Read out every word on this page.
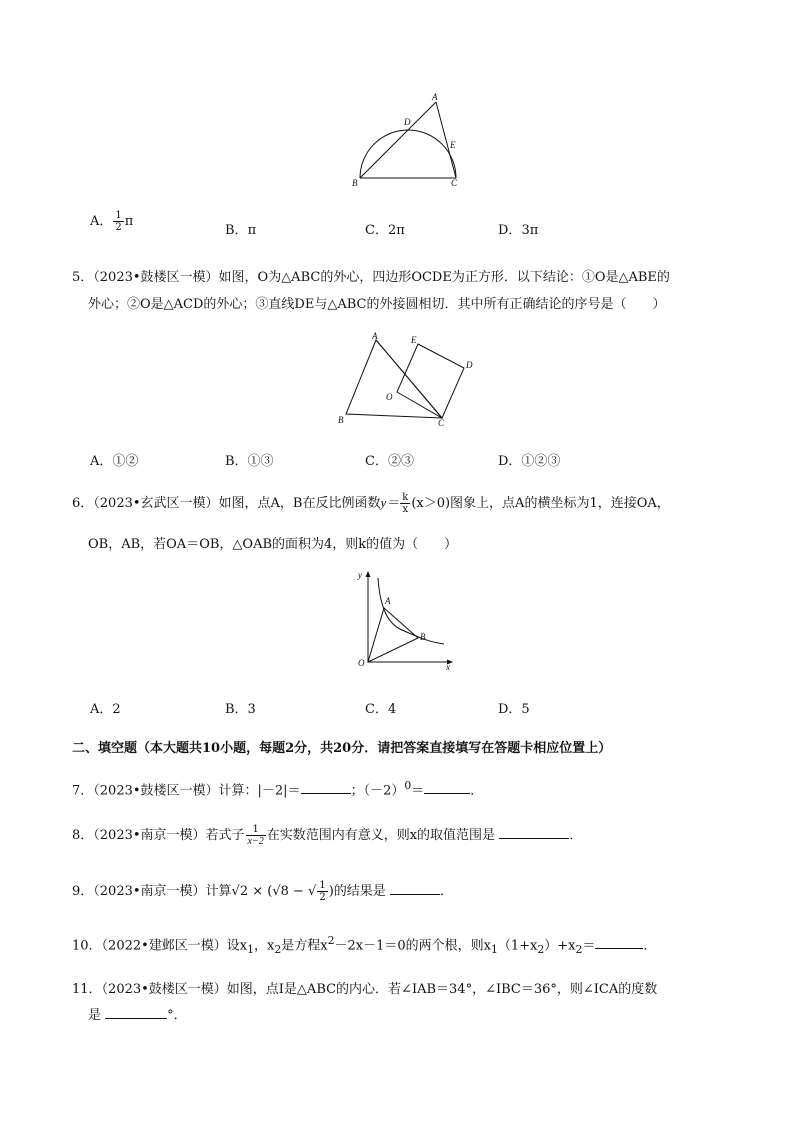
A
D
E
B	C
A． $\frac{1}{2}$ π
B．π	C．2π	D．3π
5．（2023•鼓楼区一模）如图，O为△ABC的外心，四边形OCDE为正方形．以下结论：①O是△ABE的
外心；②O是△ACD的外心；③直线DE与△ABC的外接圆相切．其中所有正确结论的序号是（　　）
A	E
D
O
B	C
A．①②	B．①③	C．②③	D．①②③
6．（2023•玄武区一模）如图，点A，B在反比例函数$y= \frac{k}{x} (x>0)$图象上，点A的横坐标为1，连接OA，
OB，AB，若OA＝OB，△OAB的面积为4，则k的值为（　　）
y
x
O
A
B
A．2	B．3	C．4	D．5
二、填空题（本大题共10小题，每题2分，共20分．请把答案直接填写在答题卡相应位置上）
7．（2023•鼓楼区一模）计算：|－2|＝	；$(-2)^0=$	．
8．（2023•南京一模）若式子 $\frac{1}{x-2}$ 在实数范围内有意义，则x的取值范围是	．
9．（2023•南京一模）计算√2 × (√8 − √ $\frac{1}{2}$ )的结果是	．
10．（2022•建邺区一模）设$x_1$，$x_2$是方程$x^2-2x-1=0$的两个根，则$x_1(1+x_2)+x_2=$	．
11．（2023•鼓楼区一模）如图，点I是△ABC的内心．若∠IAB＝34°，∠IBC＝36°，则∠ICA的度数
是	°．
